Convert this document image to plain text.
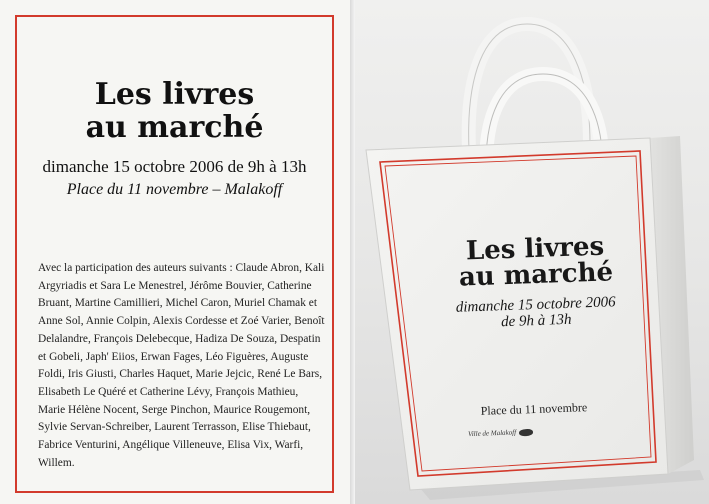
Les livres
au marché
dimanche 15 octobre 2006 de 9h à 13h
Place du 11 novembre – Malakoff
Avec la participation des auteurs suivants : Claude Abron, Kali Argyriadis et Sara Le Menestrel, Jérôme Bouvier, Catherine Bruant, Martine Camillieri, Michel Caron, Muriel Chamak et Anne Sol, Annie Colpin, Alexis Cordesse et Zoé Varier, Benoît Delalandre, François Delebecque, Hadiza De Souza, Despatin et Gobeli, Japh' Eiios, Erwan Fages, Léo Figuères, Auguste Foldi, Iris Giusti, Charles Haquet, Marie Jejcic, René Le Bars, Elisabeth Le Quéré et Catherine Lévy, François Mathieu, Marie Hélène Nocent, Serge Pinchon, Maurice Rougemont, Sylvie Servan-Schreiber, Laurent Terrasson, Elise Thiebaut, Fabrice Venturini, Angélique Villeneuve, Elisa Vix, Warfi, Willem.
Les livres
au marché
dimanche 15 octobre 2006
de 9h à 13h
Place du 11 novembre
Ville de Malakoff
